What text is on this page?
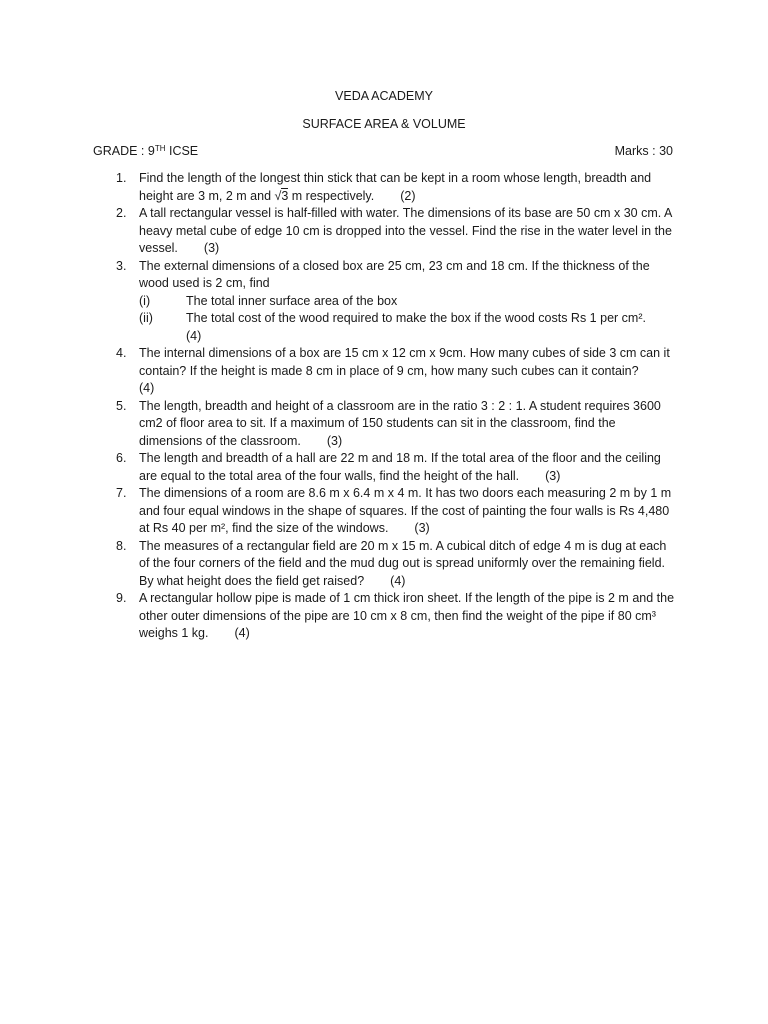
VEDA ACADEMY
SURFACE AREA & VOLUME
GRADE : 9TH ICSE	Marks : 30
1. Find the length of the longest thin stick that can be kept in a room whose length, breadth and height are 3 m, 2 m and √3 m respectively. (2)
2. A tall rectangular vessel is half-filled with water. The dimensions of its base are 50 cm x 30 cm. A heavy metal cube of edge 10 cm is dropped into the vessel. Find the rise in the water level in the vessel. (3)
3. The external dimensions of a closed box are 25 cm, 23 cm and 18 cm. If the thickness of the wood used is 2 cm, find
(i)	The total inner surface area of the box
(ii)	The total cost of the wood required to make the box if the wood costs Rs 1 per cm².
(4)
4. The internal dimensions of a box are 15 cm x 12 cm x 9cm. How many cubes of side 3 cm can it contain? If the height is made 8 cm in place of 9 cm, how many such cubes can it contain?
(4)
5. The length, breadth and height of a classroom are in the ratio 3 : 2 : 1. A student requires 3600 cm2 of floor area to sit. If a maximum of 150 students can sit in the classroom, find the dimensions of the classroom. (3)
6. The length and breadth of a hall are 22 m and 18 m. If the total area of the floor and the ceiling are equal to the total area of the four walls, find the height of the hall. (3)
7. The dimensions of a room are 8.6 m x 6.4 m x 4 m. It has two doors each measuring 2 m by 1 m and four equal windows in the shape of squares. If the cost of painting the four walls is Rs 4,480 at Rs 40 per m², find the size of the windows. (3)
8. The measures of a rectangular field are 20 m x 15 m. A cubical ditch of edge 4 m is dug at each of the four corners of the field and the mud dug out is spread uniformly over the remaining field. By what height does the field get raised? (4)
9. A rectangular hollow pipe is made of 1 cm thick iron sheet. If the length of the pipe is 2 m and the other outer dimensions of the pipe are 10 cm x 8 cm, then find the weight of the pipe if 80 cm³ weighs 1 kg. (4)
